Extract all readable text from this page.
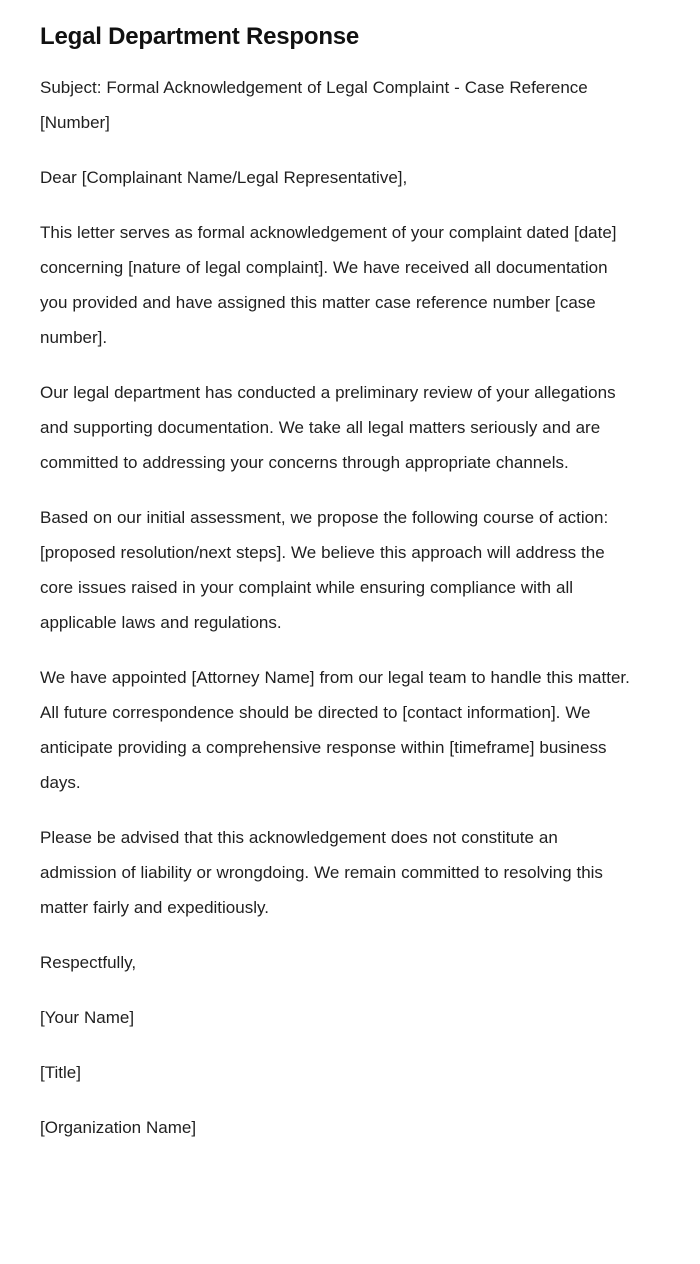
Legal Department Response

Subject: Formal Acknowledgement of Legal Complaint - Case Reference [Number]

Dear [Complainant Name/Legal Representative],

This letter serves as formal acknowledgement of your complaint dated [date] concerning [nature of legal complaint]. We have received all documentation you provided and have assigned this matter case reference number [case number].

Our legal department has conducted a preliminary review of your allegations and supporting documentation. We take all legal matters seriously and are committed to addressing your concerns through appropriate channels.

Based on our initial assessment, we propose the following course of action: [proposed resolution/next steps]. We believe this approach will address the core issues raised in your complaint while ensuring compliance with all applicable laws and regulations.

We have appointed [Attorney Name] from our legal team to handle this matter. All future correspondence should be directed to [contact information]. We anticipate providing a comprehensive response within [timeframe] business days.

Please be advised that this acknowledgement does not constitute an admission of liability or wrongdoing. We remain committed to resolving this matter fairly and expeditiously.

Respectfully,

[Your Name]

[Title]

[Organization Name]
